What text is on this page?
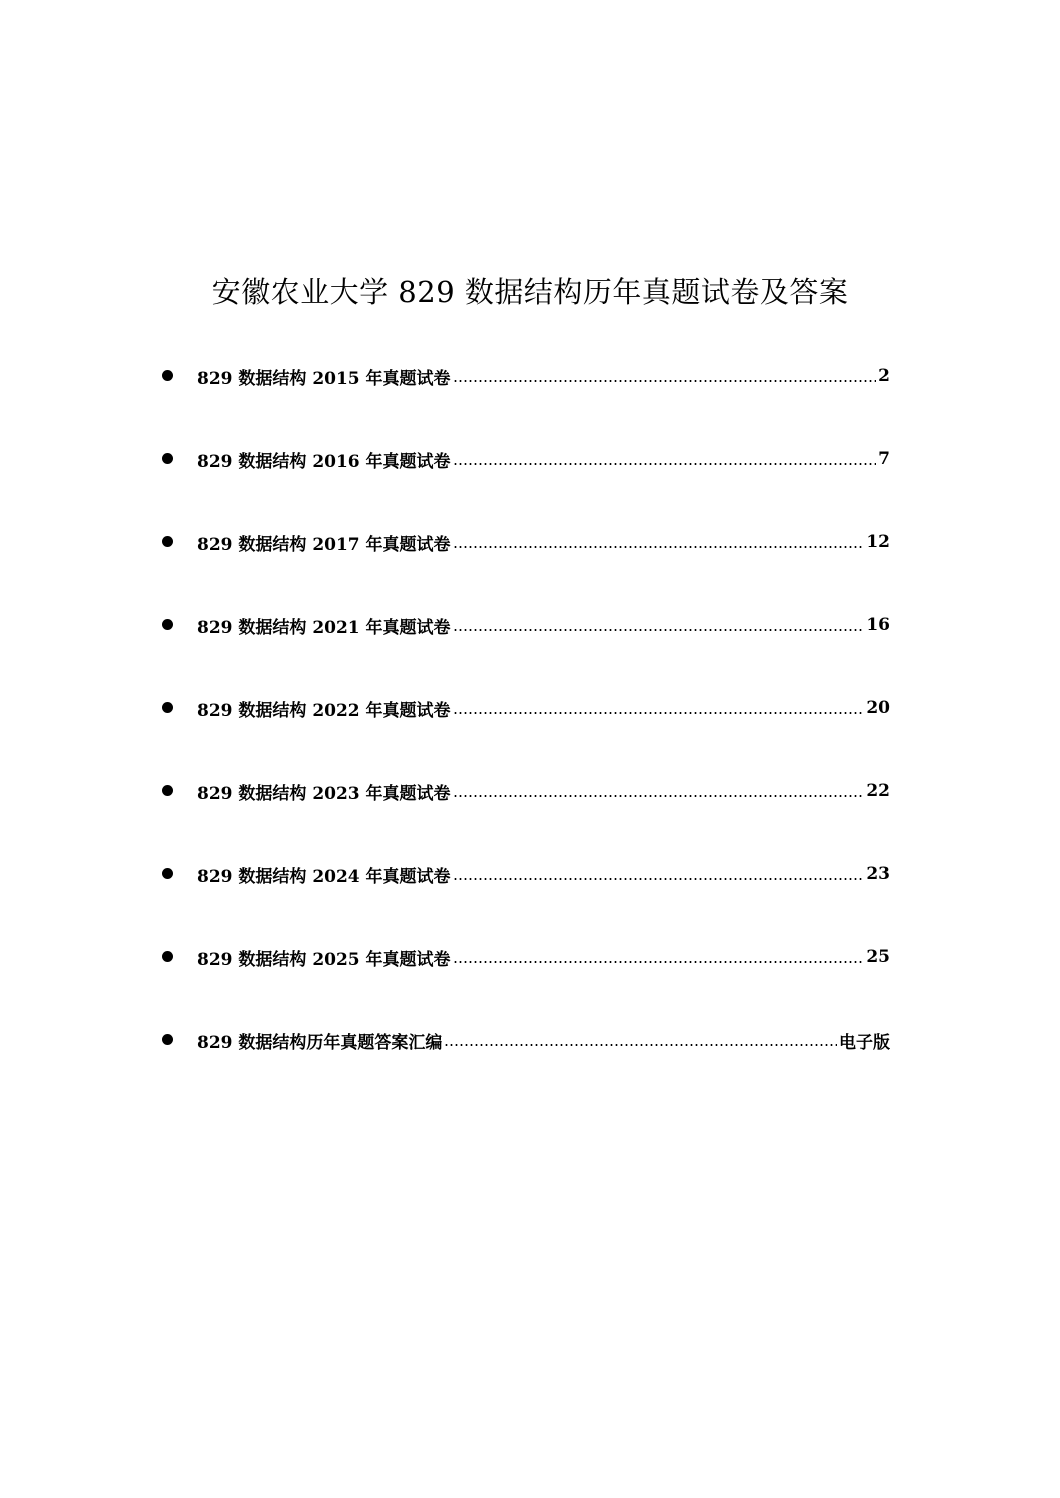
安徽农业大学 829 数据结构历年真题试卷及答案
829 数据结构 2015 年真题试卷	2
829 数据结构 2016 年真题试卷	7
829 数据结构 2017 年真题试卷	12
829 数据结构 2021 年真题试卷	16
829 数据结构 2022 年真题试卷	20
829 数据结构 2023 年真题试卷	22
829 数据结构 2024 年真题试卷	23
829 数据结构 2025 年真题试卷	25
829 数据结构历年真题答案汇编	电子版
